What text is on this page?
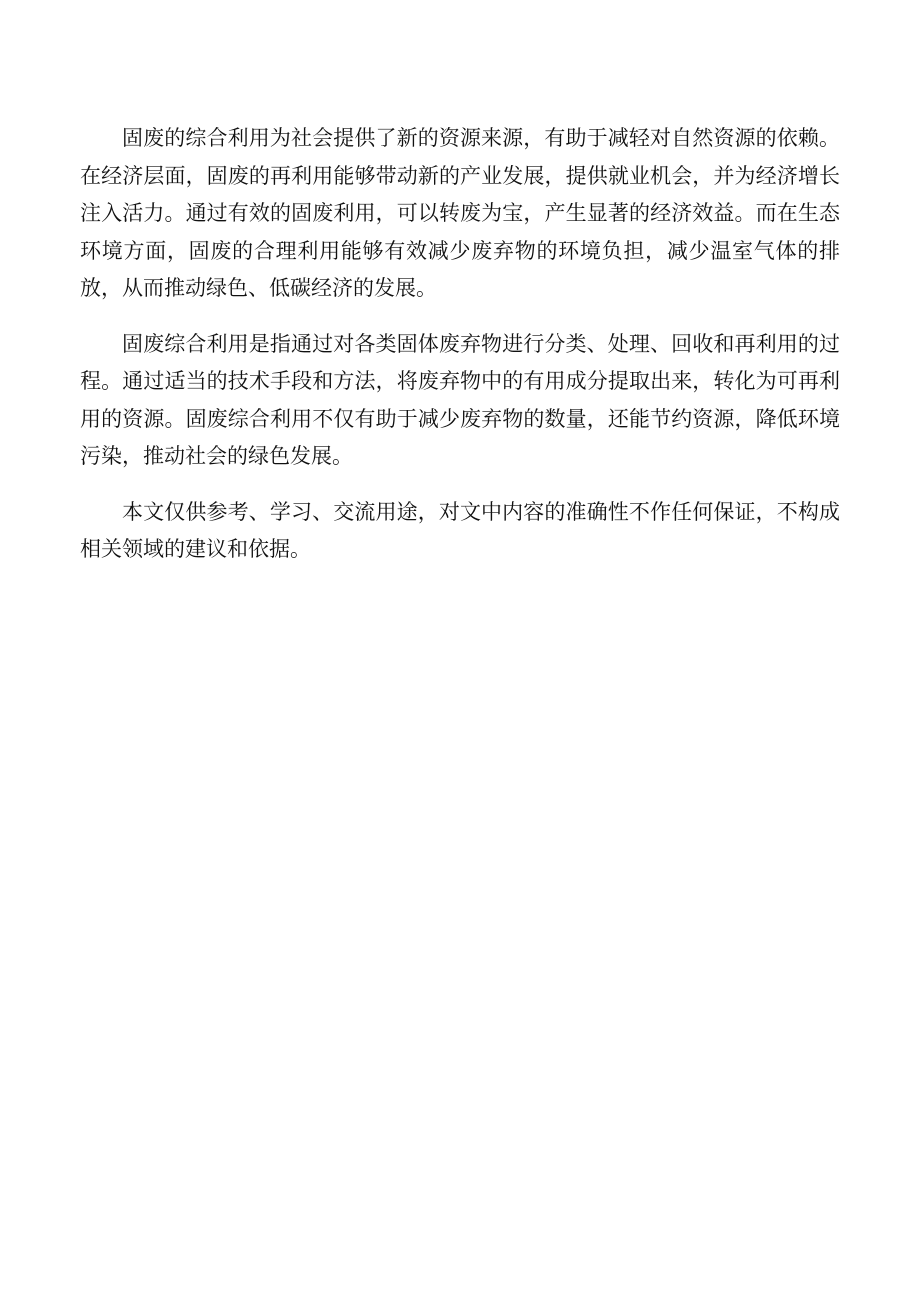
固废的综合利用为社会提供了新的资源来源，有助于减轻对自然资源的依赖。在经济层面，固废的再利用能够带动新的产业发展，提供就业机会，并为经济增长注入活力。通过有效的固废利用，可以转废为宝，产生显著的经济效益。而在生态环境方面，固废的合理利用能够有效减少废弃物的环境负担，减少温室气体的排放，从而推动绿色、低碳经济的发展。

固废综合利用是指通过对各类固体废弃物进行分类、处理、回收和再利用的过程。通过适当的技术手段和方法，将废弃物中的有用成分提取出来，转化为可再利用的资源。固废综合利用不仅有助于减少废弃物的数量，还能节约资源，降低环境污染，推动社会的绿色发展。

本文仅供参考、学习、交流用途，对文中内容的准确性不作任何保证，不构成相关领域的建议和依据。
